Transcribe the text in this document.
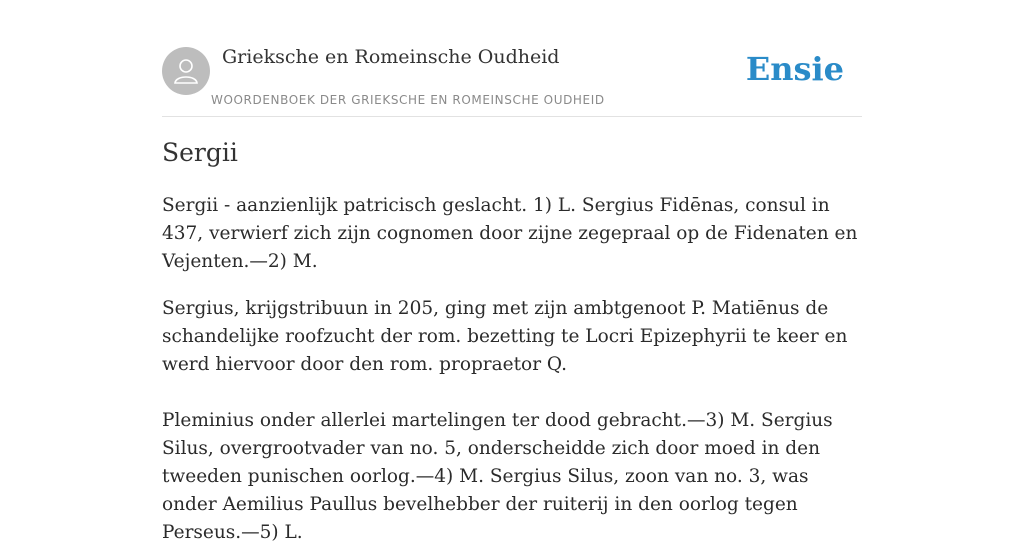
Grieksche en Romeinsche Oudheid
WOORDENBOEK DER GRIEKSCHE EN ROMEINSCHE OUDHEID
Ensie
Sergii

Sergii - aanzienlijk patricisch geslacht. 1) L. Sergius Fidēnas, consul in 437, verwierf zich zijn cognomen door zijne zegepraal op de Fidenaten en Vejenten.—2) M.

Sergius, krijgstribuun in 205, ging met zijn ambtgenoot P. Matiēnus de schandelijke roofzucht der rom. bezetting te Locri Epizephyrii te keer en werd hiervoor door den rom. propraetor Q.

Pleminius onder allerlei martelingen ter dood gebracht.—3) M. Sergius Silus, overgrootvader van no. 5, onderscheidde zich door moed in den tweeden punischen oorlog.—4) M. Sergius Silus, zoon van no. 3, was onder Aemilius Paullus bevelhebber der ruiterij in den oorlog tegen Perseus.—5) L.
